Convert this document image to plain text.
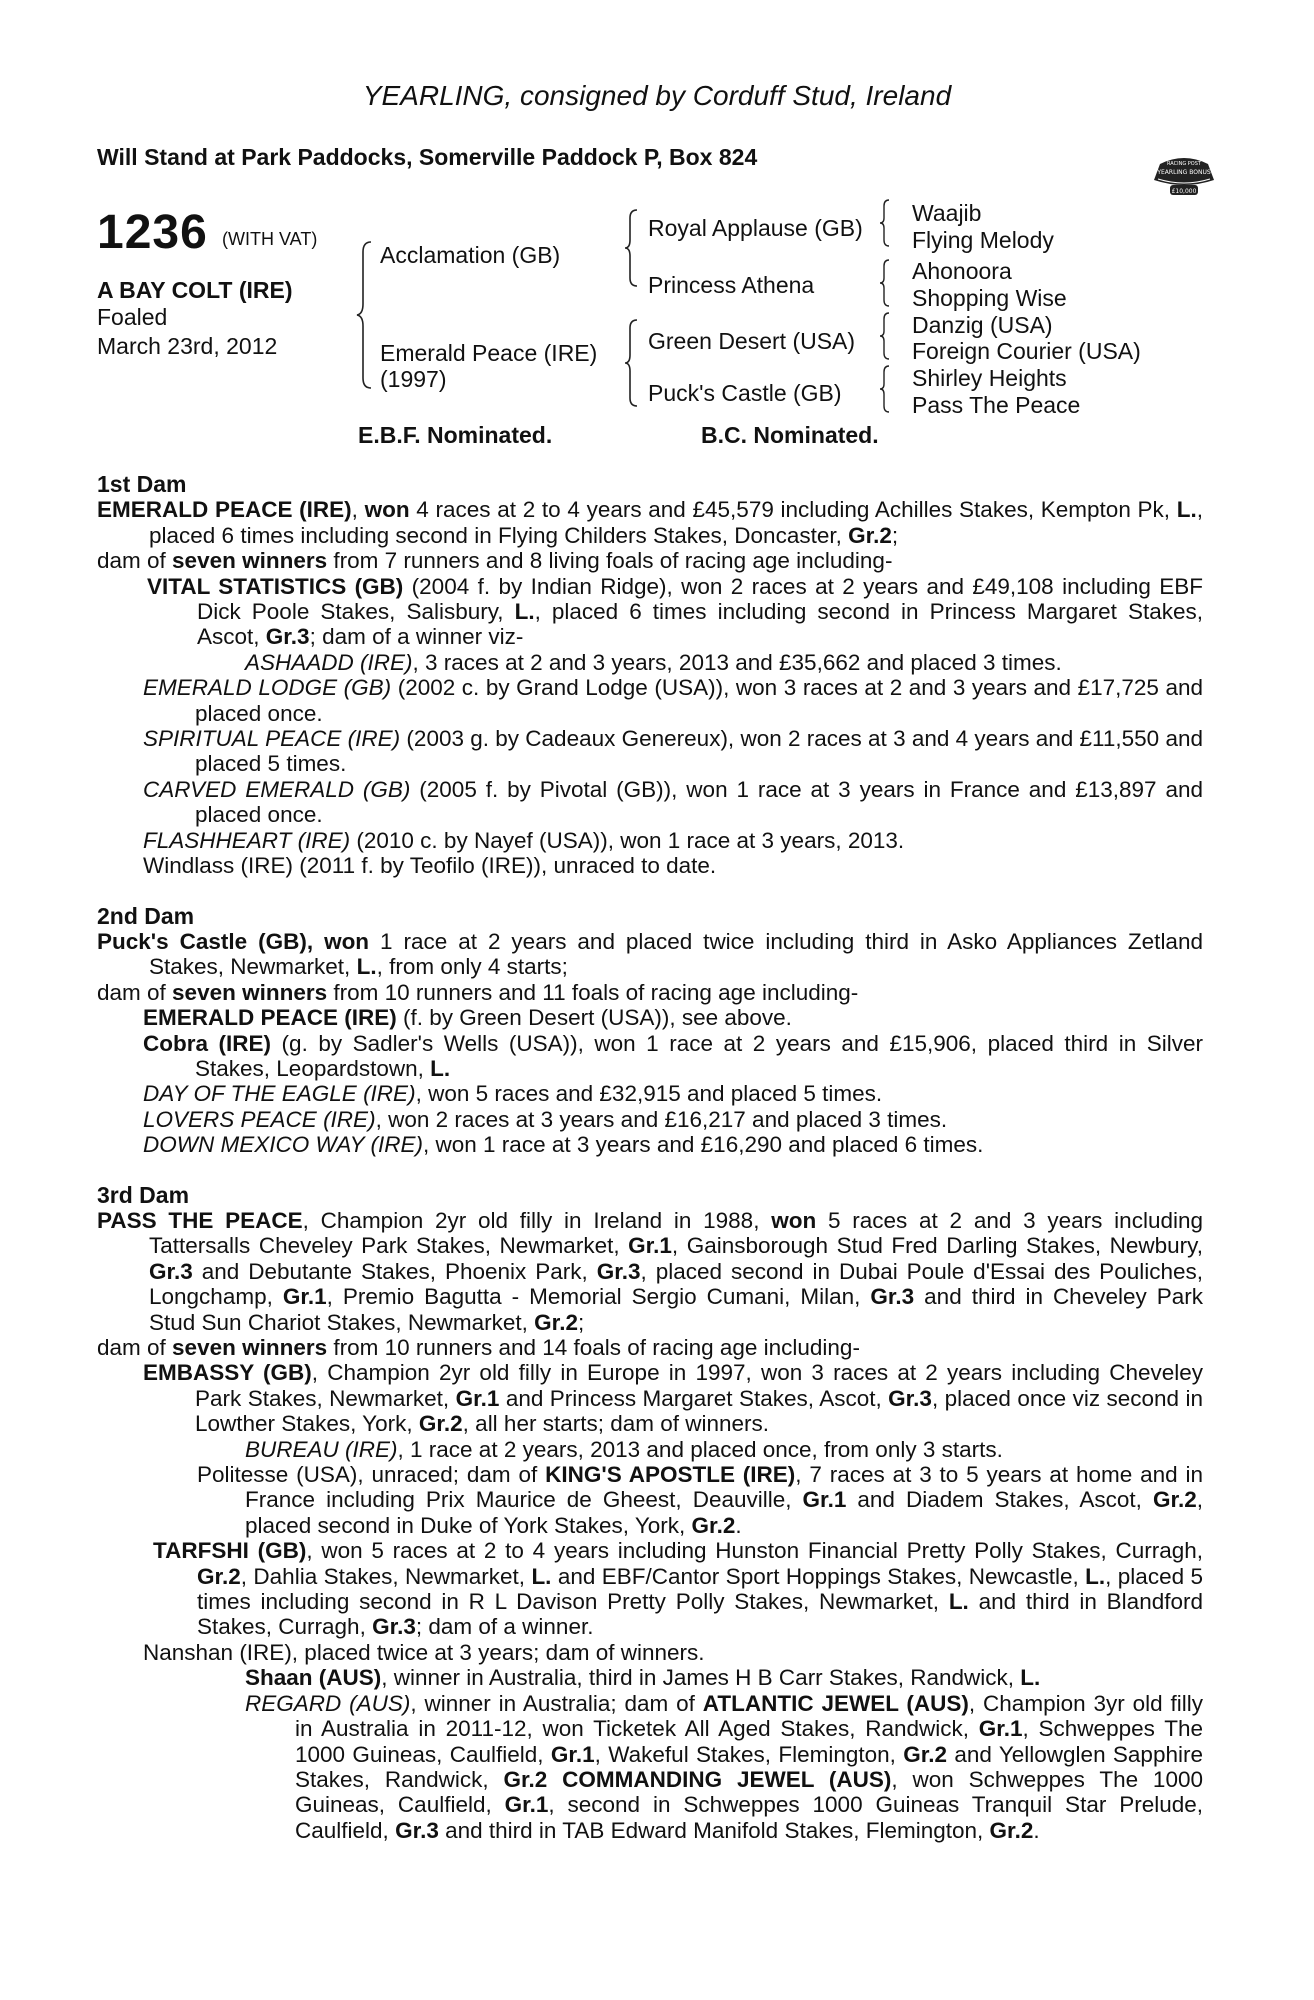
YEARLING, consigned by Corduff Stud, Ireland
Will Stand at Park Paddocks, Somerville Paddock P, Box 824	RACING POST
YEARLING BONUS
£10,000
1236 (WITH VAT)
A BAY COLT (IRE)
Foaled
March 23rd, 2012
Acclamation (GB)
Emerald Peace (IRE)
(1997)
Royal Applause (GB)
Princess Athena
Green Desert (USA)
Puck's Castle (GB)
Waajib
Flying Melody
Ahonoora
Shopping Wise
Danzig (USA)
Foreign Courier (USA)
Shirley Heights
Pass The Peace
E.B.F. Nominated.	B.C. Nominated.
1st Dam
EMERALD PEACE (IRE), won 4 races at 2 to 4 years and £45,579 including Achilles Stakes, Kempton Pk, L., placed 6 times including second in Flying Childers Stakes, Doncaster, Gr.2;
dam of seven winners from 7 runners and 8 living foals of racing age including-
VITAL STATISTICS (GB) (2004 f. by Indian Ridge), won 2 races at 2 years and £49,108 including EBF Dick Poole Stakes, Salisbury, L., placed 6 times including second in Princess Margaret Stakes, Ascot, Gr.3; dam of a winner viz-
ASHAADD (IRE), 3 races at 2 and 3 years, 2013 and £35,662 and placed 3 times.
EMERALD LODGE (GB) (2002 c. by Grand Lodge (USA)), won 3 races at 2 and 3 years and £17,725 and placed once.
SPIRITUAL PEACE (IRE) (2003 g. by Cadeaux Genereux), won 2 races at 3 and 4 years and £11,550 and placed 5 times.
CARVED EMERALD (GB) (2005 f. by Pivotal (GB)), won 1 race at 3 years in France and £13,897 and placed once.
FLASHHEART (IRE) (2010 c. by Nayef (USA)), won 1 race at 3 years, 2013.
Windlass (IRE) (2011 f. by Teofilo (IRE)), unraced to date.
2nd Dam
Puck's Castle (GB), won 1 race at 2 years and placed twice including third in Asko Appliances Zetland Stakes, Newmarket, L., from only 4 starts;
dam of seven winners from 10 runners and 11 foals of racing age including-
EMERALD PEACE (IRE) (f. by Green Desert (USA)), see above.
Cobra (IRE) (g. by Sadler's Wells (USA)), won 1 race at 2 years and £15,906, placed third in Silver Stakes, Leopardstown, L.
DAY OF THE EAGLE (IRE), won 5 races and £32,915 and placed 5 times.
LOVERS PEACE (IRE), won 2 races at 3 years and £16,217 and placed 3 times.
DOWN MEXICO WAY (IRE), won 1 race at 3 years and £16,290 and placed 6 times.
3rd Dam
PASS THE PEACE, Champion 2yr old filly in Ireland in 1988, won 5 races at 2 and 3 years including Tattersalls Cheveley Park Stakes, Newmarket, Gr.1, Gainsborough Stud Fred Darling Stakes, Newbury, Gr.3 and Debutante Stakes, Phoenix Park, Gr.3, placed second in Dubai Poule d'Essai des Pouliches, Longchamp, Gr.1, Premio Bagutta - Memorial Sergio Cumani, Milan, Gr.3 and third in Cheveley Park Stud Sun Chariot Stakes, Newmarket, Gr.2;
dam of seven winners from 10 runners and 14 foals of racing age including-
EMBASSY (GB), Champion 2yr old filly in Europe in 1997, won 3 races at 2 years including Cheveley Park Stakes, Newmarket, Gr.1 and Princess Margaret Stakes, Ascot, Gr.3, placed once viz second in Lowther Stakes, York, Gr.2, all her starts; dam of winners.
BUREAU (IRE), 1 race at 2 years, 2013 and placed once, from only 3 starts.
Politesse (USA), unraced; dam of KING'S APOSTLE (IRE), 7 races at 3 to 5 years at home and in France including Prix Maurice de Gheest, Deauville, Gr.1 and Diadem Stakes, Ascot, Gr.2, placed second in Duke of York Stakes, York, Gr.2.
TARFSHI (GB), won 5 races at 2 to 4 years including Hunston Financial Pretty Polly Stakes, Curragh, Gr.2, Dahlia Stakes, Newmarket, L. and EBF/Cantor Sport Hoppings Stakes, Newcastle, L., placed 5 times including second in R L Davison Pretty Polly Stakes, Newmarket, L. and third in Blandford Stakes, Curragh, Gr.3; dam of a winner.
Nanshan (IRE), placed twice at 3 years; dam of winners.
Shaan (AUS), winner in Australia, third in James H B Carr Stakes, Randwick, L.
REGARD (AUS), winner in Australia; dam of ATLANTIC JEWEL (AUS), Champion 3yr old filly in Australia in 2011-12, won Ticketek All Aged Stakes, Randwick, Gr.1, Schweppes The 1000 Guineas, Caulfield, Gr.1, Wakeful Stakes, Flemington, Gr.2 and Yellowglen Sapphire Stakes, Randwick, Gr.2 COMMANDING JEWEL (AUS), won Schweppes The 1000 Guineas, Caulfield, Gr.1, second in Schweppes 1000 Guineas Tranquil Star Prelude, Caulfield, Gr.3 and third in TAB Edward Manifold Stakes, Flemington, Gr.2.
